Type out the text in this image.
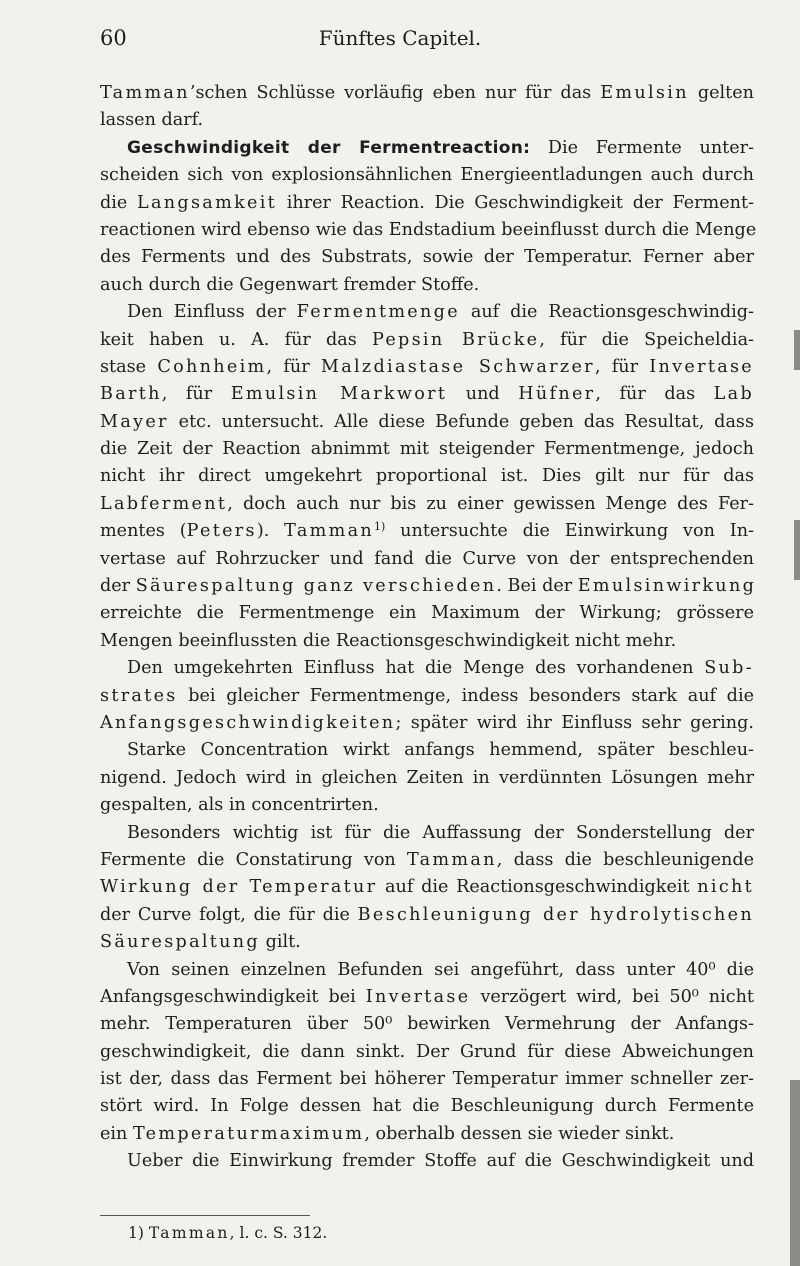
60	Fünftes Capitel.
Tamman’schen Schlüsse vorläufig eben nur für das Emulsin gelten
lassen darf.
Geschwindigkeit der Fermentreaction: Die Fermente unter-
scheiden sich von explosionsähnlichen Energieentladungen auch durch
die Langsamkeit ihrer Reaction. Die Geschwindigkeit der Ferment-
reactionen wird ebenso wie das Endstadium beeinflusst durch die Menge
des Ferments und des Substrats, sowie der Temperatur. Ferner aber
auch durch die Gegenwart fremder Stoffe.
Den Einfluss der Fermentmenge auf die Reactionsgeschwindig-
keit haben u. A. für das Pepsin Brücke, für die Speicheldia-
stase Cohnheim, für Malzdiastase Schwarzer, für Invertase
Barth, für Emulsin Markwort und Hüfner, für das Lab
Mayer etc. untersucht. Alle diese Befunde geben das Resultat, dass
die Zeit der Reaction abnimmt mit steigender Fermentmenge, jedoch
nicht ihr direct umgekehrt proportional ist. Dies gilt nur für das
Labferment, doch auch nur bis zu einer gewissen Menge des Fer-
mentes (Peters). Tamman$^{1)}$ untersuchte die Einwirkung von In-
vertase auf Rohrzucker und fand die Curve von der entsprechenden
der Säurespaltung ganz verschieden. Bei der Emulsinwirkung
erreichte die Fermentmenge ein Maximum der Wirkung; grössere
Mengen beeinflussten die Reactionsgeschwindigkeit nicht mehr.
Den umgekehrten Einfluss hat die Menge des vorhandenen Sub-
strates bei gleicher Fermentmenge, indess besonders stark auf die
Anfangsgeschwindigkeiten; später wird ihr Einfluss sehr gering.
Starke Concentration wirkt anfangs hemmend, später beschleu-
nigend. Jedoch wird in gleichen Zeiten in verdünnten Lösungen mehr
gespalten, als in concentrirten.
Besonders wichtig ist für die Auffassung der Sonderstellung der
Fermente die Constatirung von Tamman, dass die beschleunigende
Wirkung der Temperatur auf die Reactionsgeschwindigkeit nicht
der Curve folgt, die für die Beschleunigung der hydrolytischen
Säurespaltung gilt.
Von seinen einzelnen Befunden sei angeführt, dass unter 40⁰ die
Anfangsgeschwindigkeit bei Invertase verzögert wird, bei 50⁰ nicht
mehr. Temperaturen über 50⁰ bewirken Vermehrung der Anfangs-
geschwindigkeit, die dann sinkt. Der Grund für diese Abweichungen
ist der, dass das Ferment bei höherer Temperatur immer schneller zer-
stört wird. In Folge dessen hat die Beschleunigung durch Fermente
ein Temperaturmaximum, oberhalb dessen sie wieder sinkt.
Ueber die Einwirkung fremder Stoffe auf die Geschwindigkeit und
1) Tamman, l. c. S. 312.
